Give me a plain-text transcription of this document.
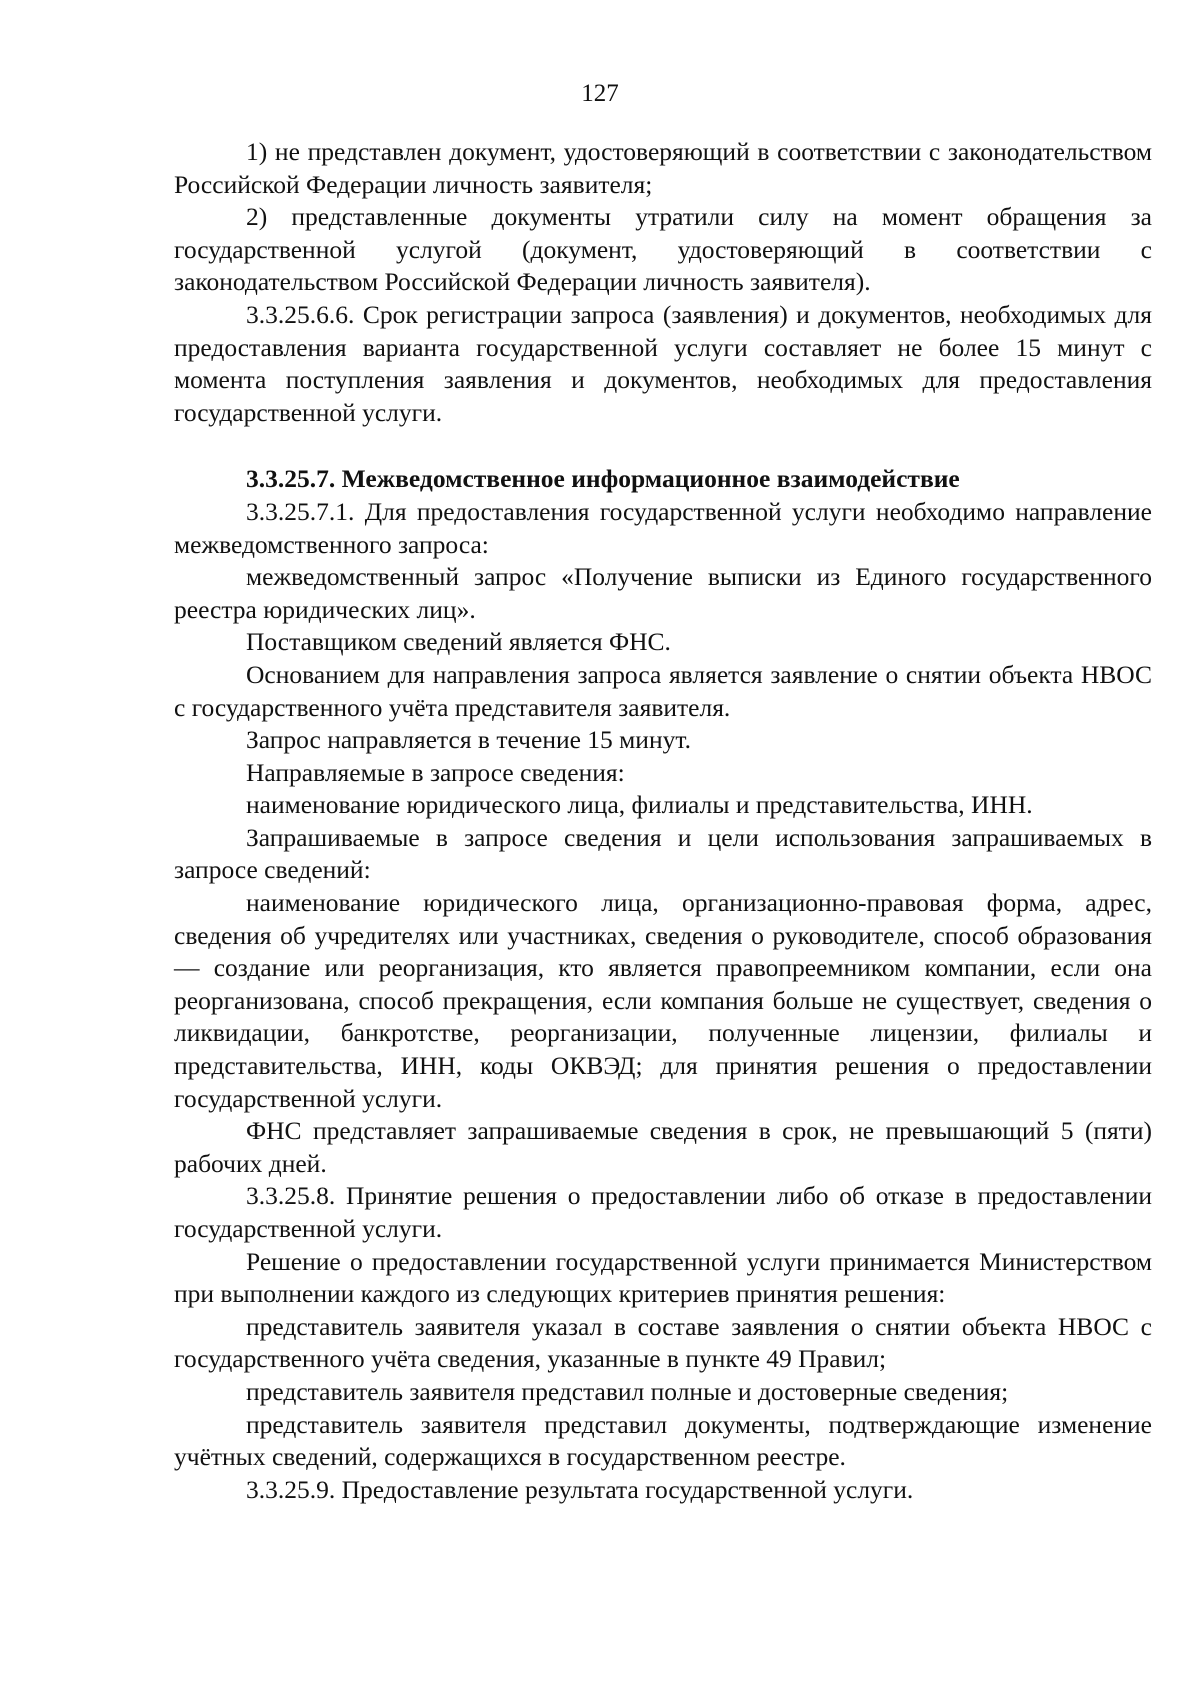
127

1) не представлен документ, удостоверяющий в соответствии с законодательством Российской Федерации личность заявителя;

2) представленные документы утратили силу на момент обращения за государственной услугой (документ, удостоверяющий в соответствии с законодательством Российской Федерации личность заявителя).

3.3.25.6.6. Срок регистрации запроса (заявления) и документов, необходимых для предоставления варианта государственной услуги составляет не более 15 минут с момента поступления заявления и документов, необходимых для предоставления государственной услуги.

3.3.25.7. Межведомственное информационное взаимодействие

3.3.25.7.1. Для предоставления государственной услуги необходимо направление межведомственного запроса:

межведомственный запрос «Получение выписки из Единого государственного реестра юридических лиц».

Поставщиком сведений является ФНС.

Основанием для направления запроса является заявление о снятии объекта НВОС с государственного учёта представителя заявителя.

Запрос направляется в течение 15 минут.

Направляемые в запросе сведения:

наименование юридического лица, филиалы и представительства, ИНН.

Запрашиваемые в запросе сведения и цели использования запрашиваемых в запросе сведений:

наименование юридического лица, организационно-правовая форма, адрес, сведения об учредителях или участниках, сведения о руководителе, способ образования — создание или реорганизация, кто является правопреемником компании, если она реорганизована, способ прекращения, если компания больше не существует, сведения о ликвидации, банкротстве, реорганизации, полученные лицензии, филиалы и представительства, ИНН, коды ОКВЭД; для принятия решения о предоставлении государственной услуги.

ФНС представляет запрашиваемые сведения в срок, не превышающий 5 (пяти) рабочих дней.

3.3.25.8. Принятие решения о предоставлении либо об отказе в предоставлении государственной услуги.

Решение о предоставлении государственной услуги принимается Министерством при выполнении каждого из следующих критериев принятия решения:

представитель заявителя указал в составе заявления о снятии объекта НВОС с государственного учёта сведения, указанные в пункте 49 Правил;

представитель заявителя представил полные и достоверные сведения;

представитель заявителя представил документы, подтверждающие изменение учётных сведений, содержащихся в государственном реестре.

3.3.25.9. Предоставление результата государственной услуги.
